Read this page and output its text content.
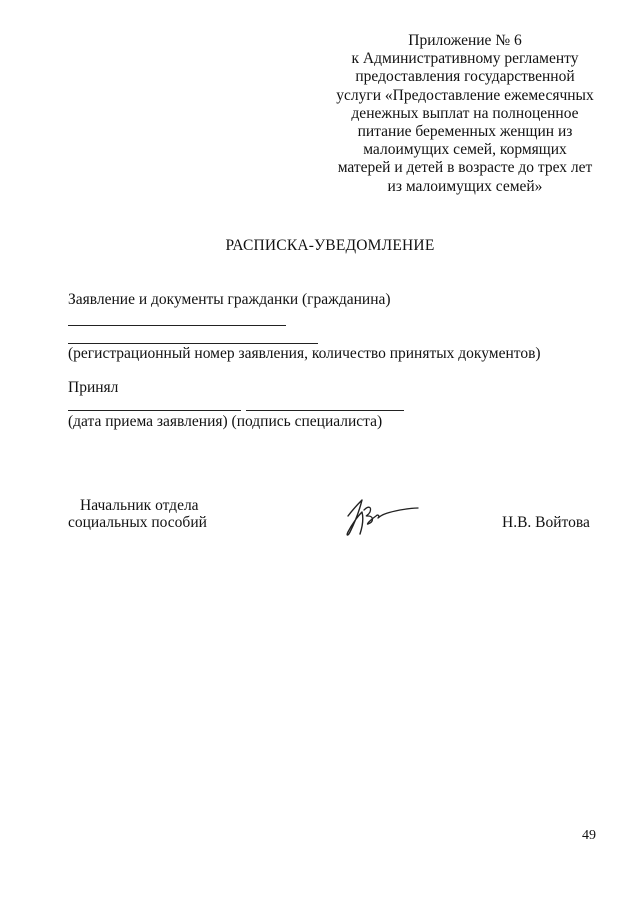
Приложение № 6
к Административному регламенту
предоставления государственной
услуги «Предоставление ежемесячных
денежных выплат на полноценное
питание беременных женщин из
малоимущих семей, кормящих
матерей и детей в возрасте до трех лет
из малоимущих семей»
РАСПИСКА-УВЕДОМЛЕНИЕ
Заявление и документы гражданки (гражданина)
(регистрационный номер заявления, количество принятых документов)
Принял
(дата приема заявления) (подпись специалиста)
Начальник отдела
социальных пособий	Н.В. Войтова
49
